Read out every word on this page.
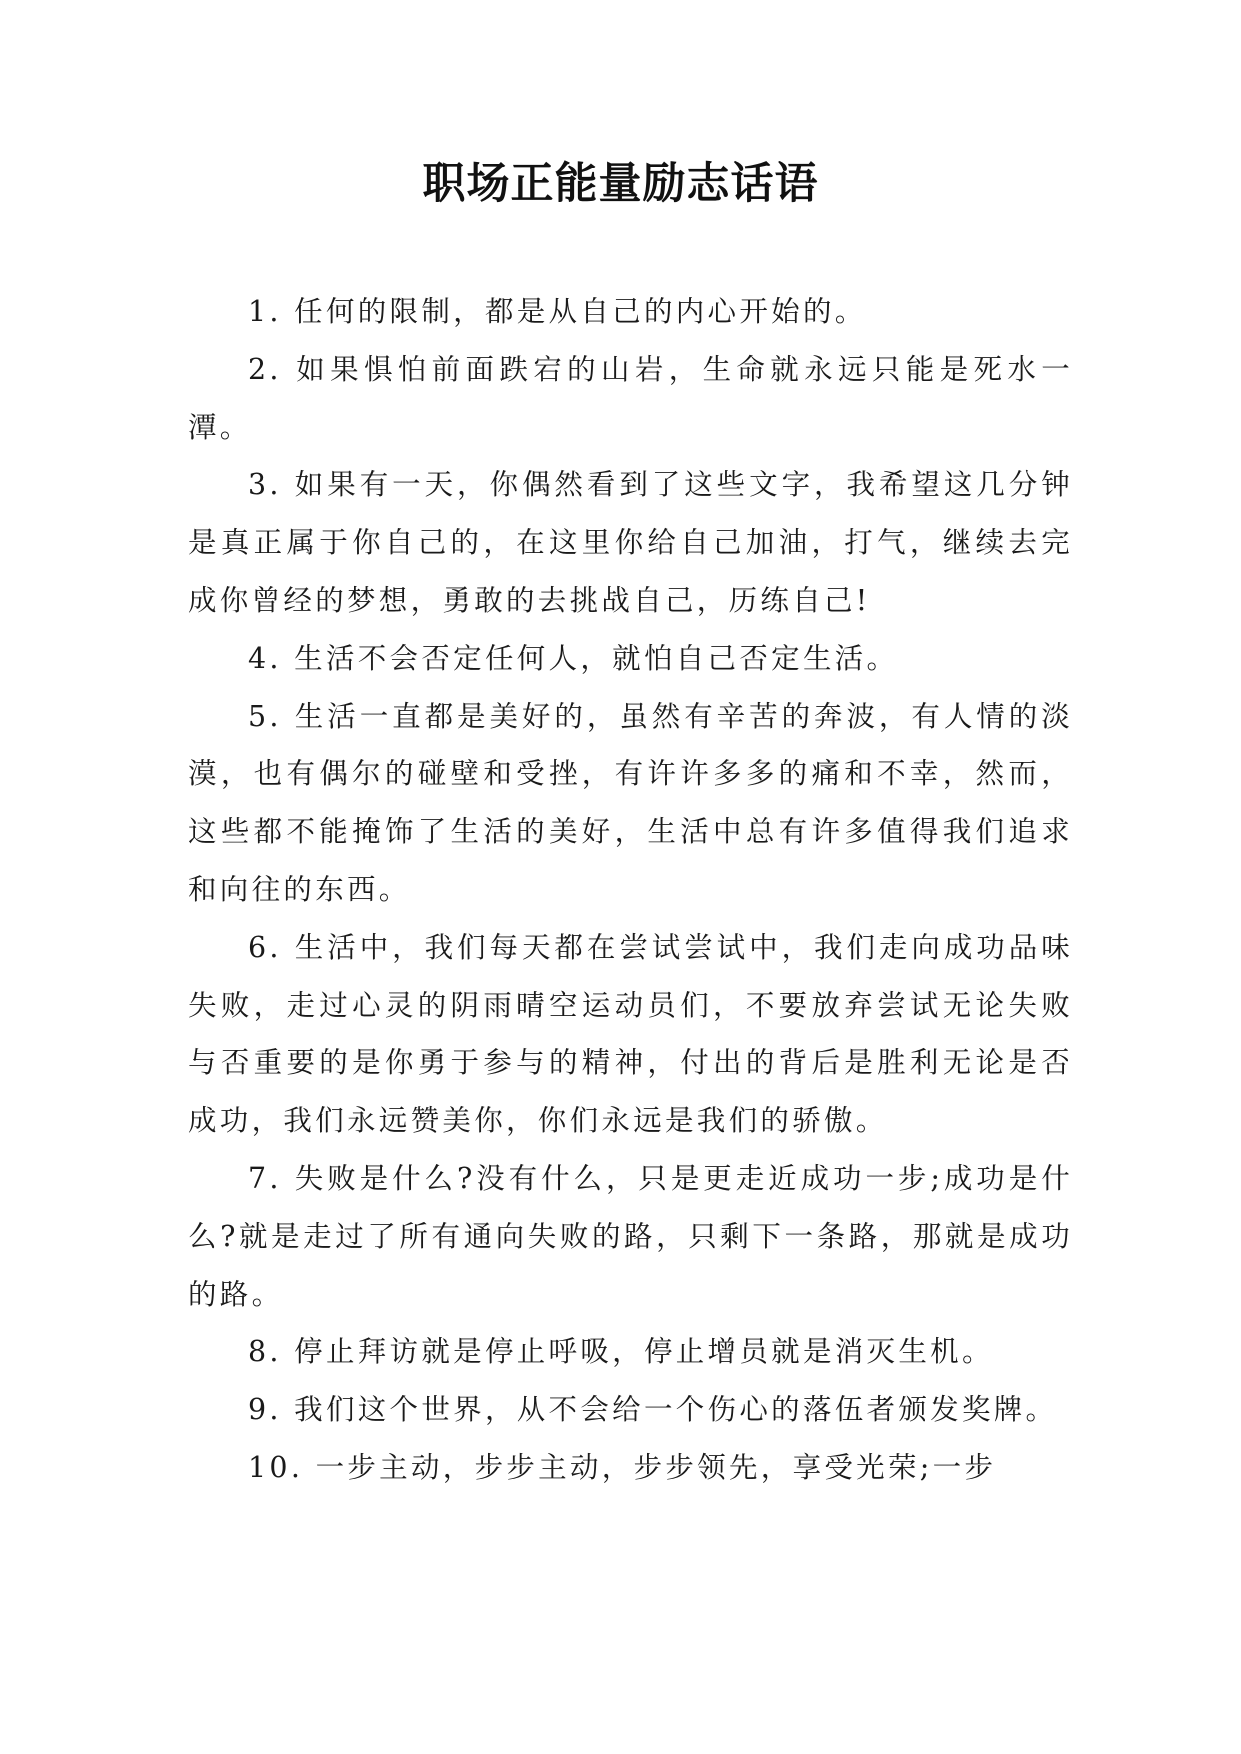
职场正能量励志话语

1. 任何的限制，都是从自己的内心开始的。

2. 如果惧怕前面跌宕的山岩，生命就永远只能是死水一潭。

3. 如果有一天，你偶然看到了这些文字，我希望这几分钟是真正属于你自己的，在这里你给自己加油，打气，继续去完成你曾经的梦想，勇敢的去挑战自己，历练自己!

4. 生活不会否定任何人，就怕自己否定生活。

5. 生活一直都是美好的，虽然有辛苦的奔波，有人情的淡漠，也有偶尔的碰壁和受挫，有许许多多的痛和不幸，然而，这些都不能掩饰了生活的美好，生活中总有许多值得我们追求和向往的东西。

6. 生活中，我们每天都在尝试尝试中，我们走向成功品味失败，走过心灵的阴雨晴空运动员们，不要放弃尝试无论失败与否重要的是你勇于参与的精神，付出的背后是胜利无论是否成功，我们永远赞美你，你们永远是我们的骄傲。

7. 失败是什么?没有什么，只是更走近成功一步;成功是什么?就是走过了所有通向失败的路，只剩下一条路，那就是成功的路。

8. 停止拜访就是停止呼吸，停止增员就是消灭生机。

9. 我们这个世界，从不会给一个伤心的落伍者颁发奖牌。

10. 一步主动，步步主动，步步领先，享受光荣;一步
